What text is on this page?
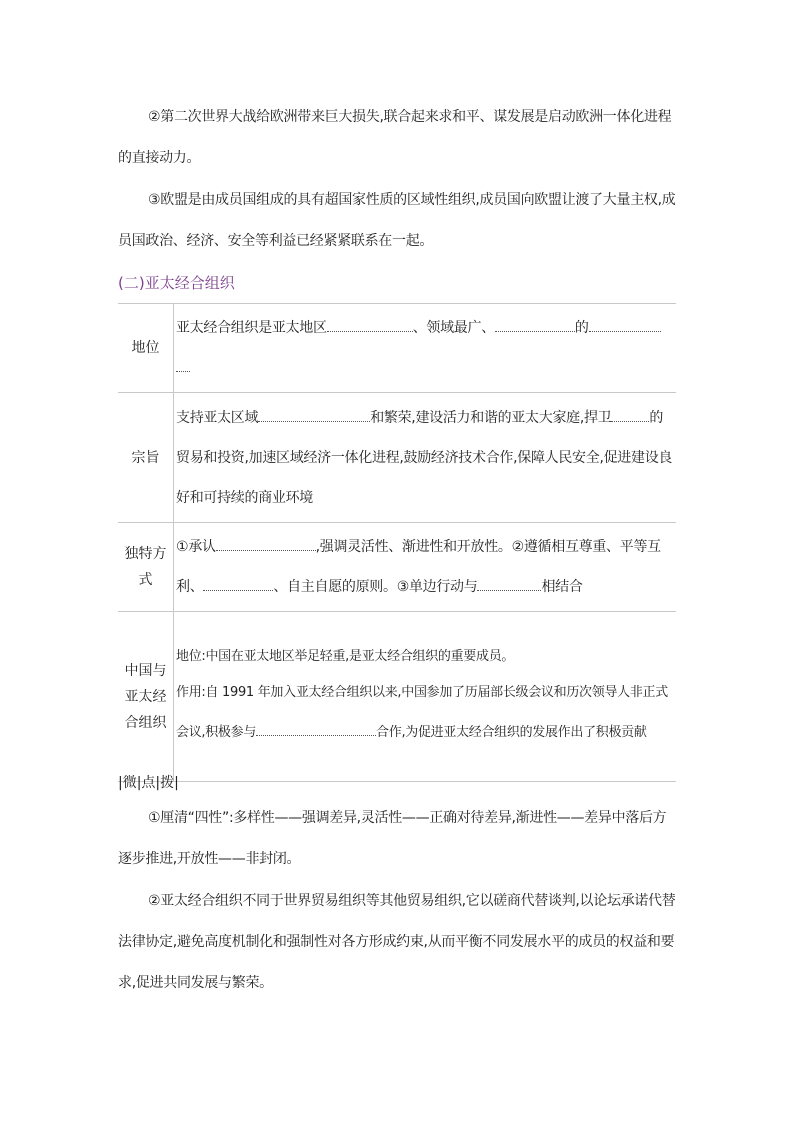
②第二次世界大战给欧洲带来巨大损失,联合起来求和平、谋发展是启动欧洲一体化进程的直接动力。

③欧盟是由成员国组成的具有超国家性质的区域性组织,成员国向欧盟让渡了大量主权,成员国政治、经济、安全等利益已经紧紧联系在一起。

(二)亚太经合组织

地位	亚太经合组织是亚太地区 、领域最广、 的

宗旨	支持亚太区域 和繁荣,建设活力和谐的亚太大家庭,捍卫 的贸易和投资,加速区域经济一体化进程,鼓励经济技术合作,保障人民安全,促进建设良好和可持续的商业环境
独特方式	①承认 ,强调灵活性、渐进性和开放性。②遵循相互尊重、平等互利、 、自主自愿的原则。③单边行动与 相结合
中国与亚太经合组织	地位:中国在亚太地区举足轻重,是亚太经合组织的重要成员。
作用:自 1991 年加入亚太经合组织以来,中国参加了历届部长级会议和历次领导人非正式会议,积极参与 合作,为促进亚太经合组织的发展作出了积极贡献

|微|点|拨|

①厘清“四性”:多样性——强调差异,灵活性——正确对待差异,渐进性——差异中落后方逐步推进,开放性——非封闭。

②亚太经合组织不同于世界贸易组织等其他贸易组织,它以磋商代替谈判,以论坛承诺代替法律协定,避免高度机制化和强制性对各方形成约束,从而平衡不同发展水平的成员的权益和要求,促进共同发展与繁荣。
